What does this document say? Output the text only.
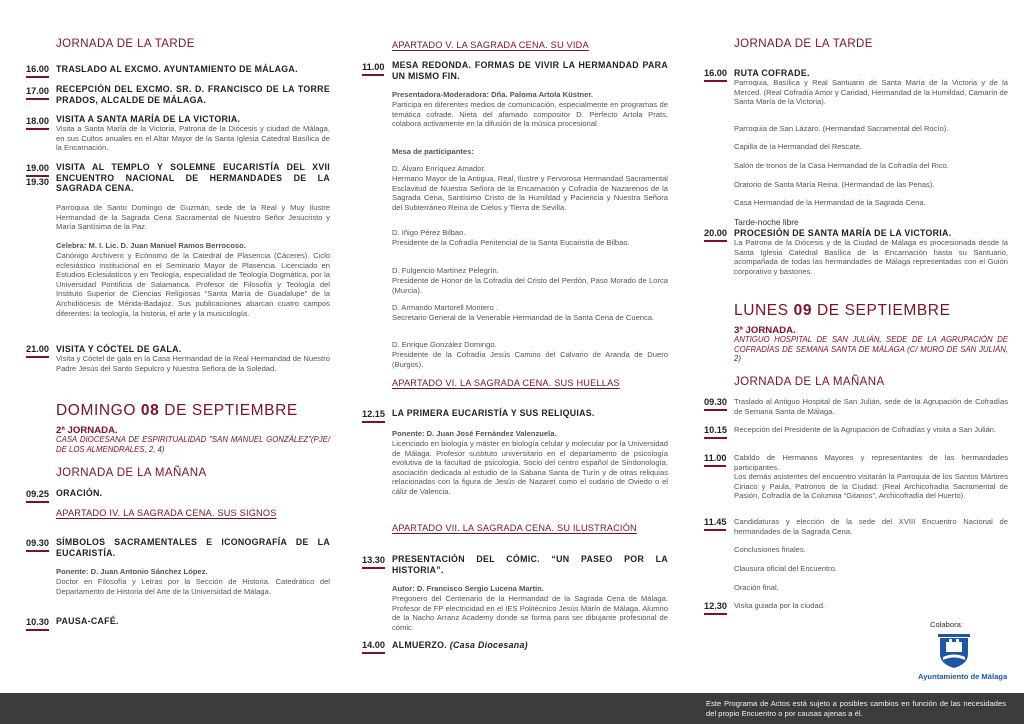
JORNADA DE LA TARDE
16.00 TRASLADO AL EXCMO. AYUNTAMIENTO DE MÁLAGA.
17.00 RECEPCIÓN DEL EXCMO. SR. D. FRANCISCO DE LA TORRE PRADOS, ALCALDE DE MÁLAGA.
18.00 VISITA A SANTA MARÍA DE LA VICTORIA.
Visita a Santa María de la Victoria, Patrona de la Diócesis y ciudad de Málaga, en sus Cultos anuales en el Altar Mayor de la Santa Iglesia Catedral Basílica de la Encarnación.
19.00
19.30
VISITA AL TEMPLO Y SOLEMNE EUCARISTÍA DEL XVII ENCUENTRO NACIONAL DE HERMANDADES DE LA SAGRADA CENA.
Parroquia de Santo Domingo de Guzmán, sede de la Real y Muy Ilustre Hermandad de la Sagrada Cena Sacramental de Nuestro Señor Jesucristo y María Santísima de la Paz.
Celebra: M. I. Lic. D. Juan Manuel Ramos Berrocoso.
Canónigo Archivero y Ecónomo de la Catedral de Plasencia (Cáceres). Ciclo eclesiástico institucional en el Seminario Mayor de Plasencia. Licenciado en Estudios Eclesiásticos y en Teología, especialidad de Teología Dogmática, por la Universidad Pontificia de Salamanca. Profesor de Filosofía y Teología del Instituto Superior de Ciencias Religiosas "Santa María de Guadalupe" de la Archidiócesis de Mérida-Badajoz. Sus publicaciones abarcan cuatro campos diferentes: la teología, la historia, el arte y la musicología.
21.00 VISITA Y CÓCTEL DE GALA.
Visita y Cóctel de gala en la Casa Hermandad de la Real Hermandad de Nuestro Padre Jesús del Santo Sepulcro y Nuestra Señora de la Soledad.
DOMINGO 08 DE SEPTIEMBRE
2ª JORNADA.
CASA DIOCESANA DE ESPIRITUALIDAD "SAN MANUEL GONZÁLEZ"(PJE/ DE LOS ALMENDRALES, 2, 4)
JORNADA DE LA MAÑANA
09.25 ORACIÓN.
APARTADO IV. LA SAGRADA CENA. SUS SIGNOS
09.30 SÍMBOLOS SACRAMENTALES E ICONOGRAFÍA DE LA EUCARISTÍA.
Ponente: D. Juan Antonio Sánchez López.
Doctor en Filosofía y Letras por la Sección de Historia. Catedrático del Departamento de Historia del Arte de la Universidad de Málaga.
10.30 PAUSA-CAFÉ.
APARTADO V. LA SAGRADA CENA. SU VIDA
11.00 MESA REDONDA. FORMAS DE VIVIR LA HERMANDAD PARA UN MISMO FIN.
Presentadora-Moderadora: Dña. Paloma Artola Küstner.
Participa en diferentes medios de comunicación, especialmente en programas de temática cofrade. Nieta del afamado compositor D. Perfecto Artola Prats, colabora activamente en la difusión de la música procesional.
Mesa de participantes:
D. Álvaro Enríquez Amador.
Hermano Mayor de la Antigua, Real, Ilustre y Fervorosa Hermandad Sacramental Esclavitud de Nuestra Señora de la Encarnación y Cofradía de Nazarenos de la Sagrada Cena, Santísimo Cristo de la Humildad y Paciencia y Nuestra Señora del Subterráneo Reina de Cielos y Tierra de Sevilla.
D. Iñigo Pérez Bilbao.
Presidente de la Cofradía Penitencial de la Santa Eucaristía de Bilbao.
D. Fulgencio Martínez Pelegrín.
Presidente de Honor de la Cofradía del Cristo del Perdón, Paso Morado de Lorca (Murcia).
D. Armando Martorell Montero .
Secretario General de la Venerable Hermandad de la Santa Cena de Cuenca.
D. Enrique González Domingo.
Presidente de la Cofradía Jesús Camino del Calvario de Aranda de Duero (Burgos).
APARTADO VI. LA SAGRADA CENA. SUS HUELLAS
12.15 LA PRIMERA EUCARISTÍA Y SUS RELIQUIAS.
Ponente: D. Juan José Fernández Valenzuela.
Licenciado en biología y máster en biología celular y molecular por la Universidad de Málaga. Profesor sustituto universitario en el departamento de psicología evolutiva de la facultad de psicología. Socio del centro español de Sindonología, asociación dedicada al estudio de la Sábana Santa de Turín y de otras reliquias relacionadas con la figura de Jesús de Nazaret como el sudario de Oviedo o el cáliz de Valencia.
APARTADO VII. LA SAGRADA CENA. SU ILUSTRACIÓN
13.30 PRESENTACIÓN DEL CÓMIC. “UN PASEO POR LA HISTORIA”.
Autor: D. Francisco Sergio Lucena Martín.
Pregonero del Centenario de la Hermandad de la Sagrada Cena de Málaga. Profesor de FP electricidad en el IES Politécnico Jesús Marín de Málaga. Alumno de la Nacho Arranz Academy donde se forma para ser dibujante profesional de cómic.
14.00 ALMUERZO. (Casa Diocesana)
JORNADA DE LA TARDE
16.00 RUTA COFRADE.
Parroquia, Basílica y Real Santuario de Santa María de la Victoria y de la Merced. (Real Cofradía Amor y Caridad, Hermandad de la Humildad, Camarín de Santa María de la Victoria).
Parroquia de San Lázaro. (Hermandad Sacramental del Rocío).
Capilla de la Hermandad del Rescate.
Salón de tronos de la Casa Hermandad de la Cofradía del Rico.
Oratorio de Santa María Reina. (Hermandad de las Penas).
Casa Hermandad de la Hermandad de la Sagrada Cena.
Tarde-noche libre
20.00 PROCESIÓN DE SANTA MARÍA DE LA VICTORIA.
La Patrona de la Diócesis y de la Ciudad de Málaga es procesionada desde la Santa Iglesia Catedral Basílica de la Encarnación hasta su Santuario, acompañada de todas las hermandades de Málaga representadas con el Guión corporativo y bastones.
LUNES 09 DE SEPTIEMBRE
3ª JORNADA.
ANTIGUO HOSPITAL DE SAN JULIÁN, SEDE DE LA AGRUPACIÓN DE COFRADÍAS DE SEMANA SANTA DE MÁLAGA (C/ MURO DE SAN JULIÁN, 2)
JORNADA DE LA MAÑANA
09.30 Traslado al Antiguo Hospital de San Julián, sede de la Agrupación de Cofradías de Semana Santa de Málaga.
10.15 Recepción del Presidente de la Agrupación de Cofradías y visita a San Julián.
11.00 Cabildo de Hermanos Mayores y representantes de las hermandades participantes.
Los demás asistentes del encuentro visitarán la Parroquia de los Santos Mártires Ciriaco y Paula, Patronos de la Ciudad. (Real Archicofradía Sacramental de Pasión, Cofradía de la Columna “Gitanos”, Archicofradía del Huerto).
11.45 Candidaturas y elección de la sede del XVIII Encuentro Nacional de hermandades de la Sagrada Cena.
Conclusiones finales.
Clausura oficial del Encuentro.
Oración final.
12.30 Visita guiada por la ciudad.
Colabora:
Ayuntamiento de Málaga
Este Programa de Actos está sujeto a posibles cambios en función de las necesidades del propio Encuentro o por causas ajenas a él.
